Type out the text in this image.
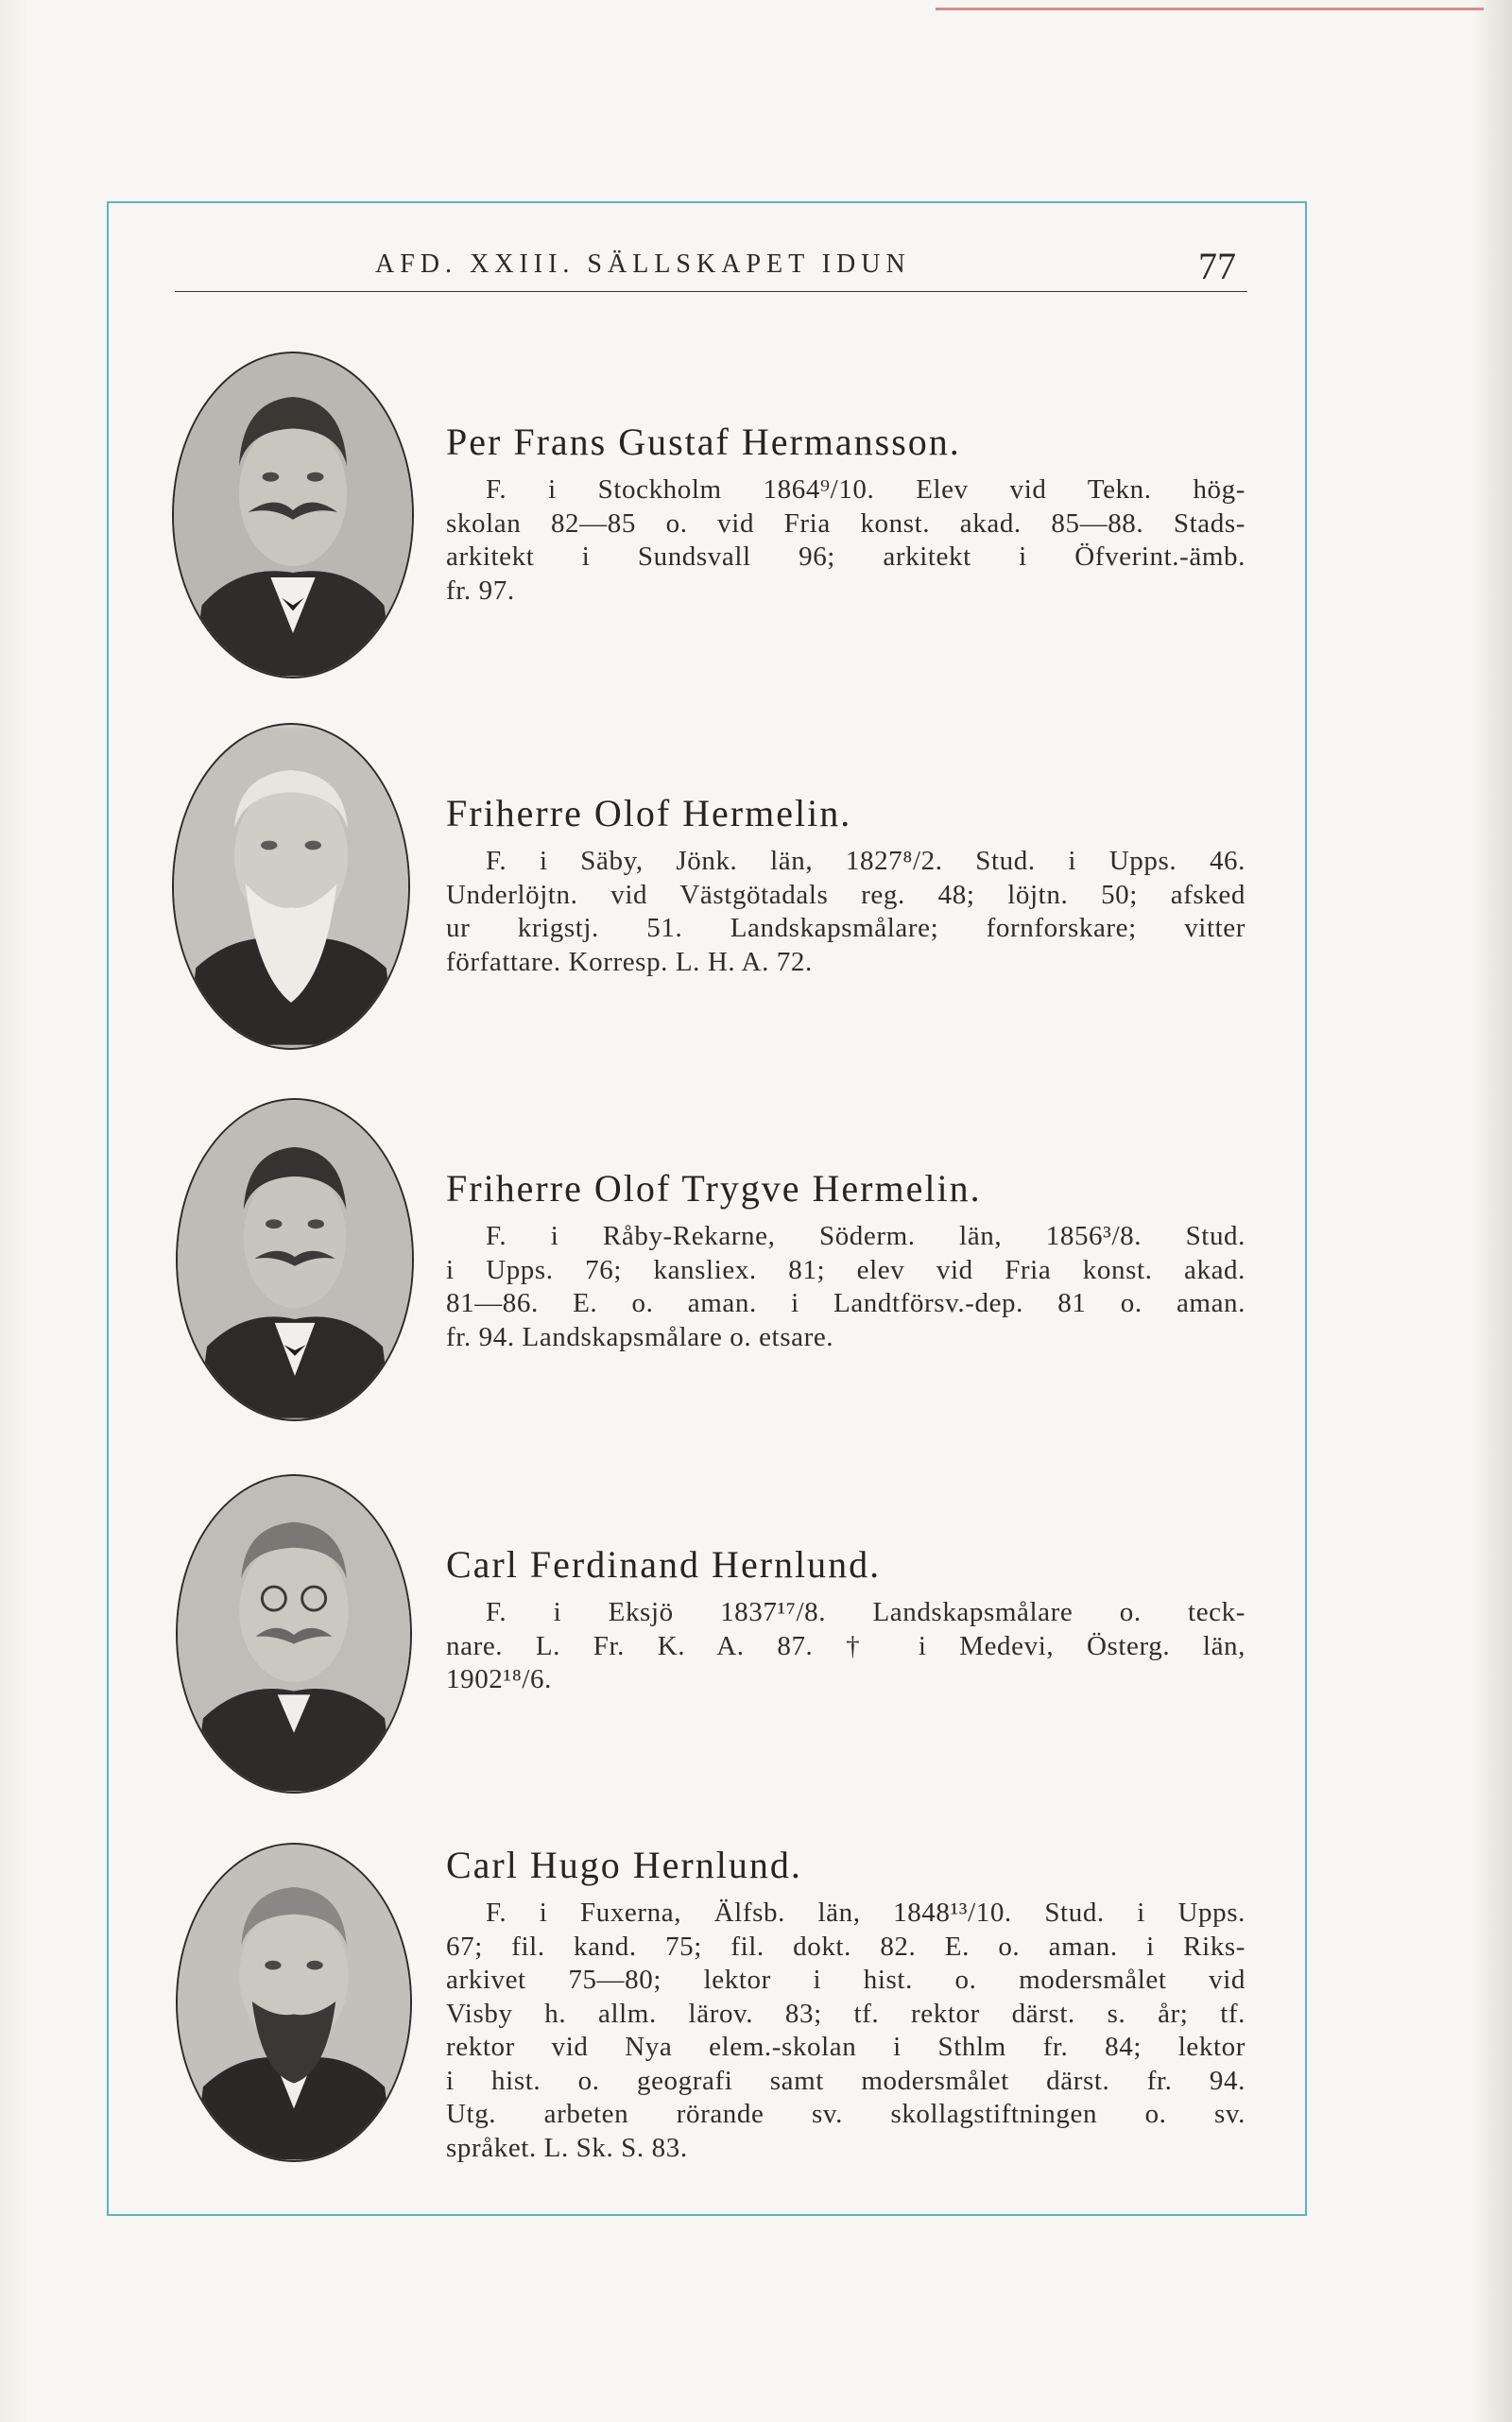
AFD. XXIII. SÄLLSKAPET IDUN	77
Per Frans Gustaf Hermansson.
F. i Stockholm 1864⁹/10. Elev vid Tekn. hög-
skolan 82—85 o. vid Fria konst. akad. 85—88. Stads-
arkitekt i Sundsvall 96; arkitekt i Öfverint.-ämb.
fr. 97.
Friherre Olof Hermelin.
F. i Säby, Jönk. län, 1827⁸/2. Stud. i Upps. 46.
Underlöjtn. vid Västgötadals reg. 48; löjtn. 50; afsked
ur krigstj. 51. Landskapsmålare; fornforskare; vitter
författare. Korresp. L. H. A. 72.
Friherre Olof Trygve Hermelin.
F. i Råby-Rekarne, Söderm. län, 1856³/8. Stud.
i Upps. 76; kansliex. 81; elev vid Fria konst. akad.
81—86. E. o. aman. i Landtförsv.-dep. 81 o. aman.
fr. 94. Landskapsmålare o. etsare.
Carl Ferdinand Hernlund.
F. i Eksjö 1837¹⁷/8. Landskapsmålare o. teck-
nare. L. Fr. K. A. 87. † i Medevi, Österg. län,
1902¹⁸/6.
Carl Hugo Hernlund.
F. i Fuxerna, Älfsb. län, 1848¹³/10. Stud. i Upps.
67; fil. kand. 75; fil. dokt. 82. E. o. aman. i Riks-
arkivet 75—80; lektor i hist. o. modersmålet vid
Visby h. allm. lärov. 83; tf. rektor därst. s. år; tf.
rektor vid Nya elem.-skolan i Sthlm fr. 84; lektor
i hist. o. geografi samt modersmålet därst. fr. 94.
Utg. arbeten rörande sv. skollagstiftningen o. sv.
språket. L. Sk. S. 83.
